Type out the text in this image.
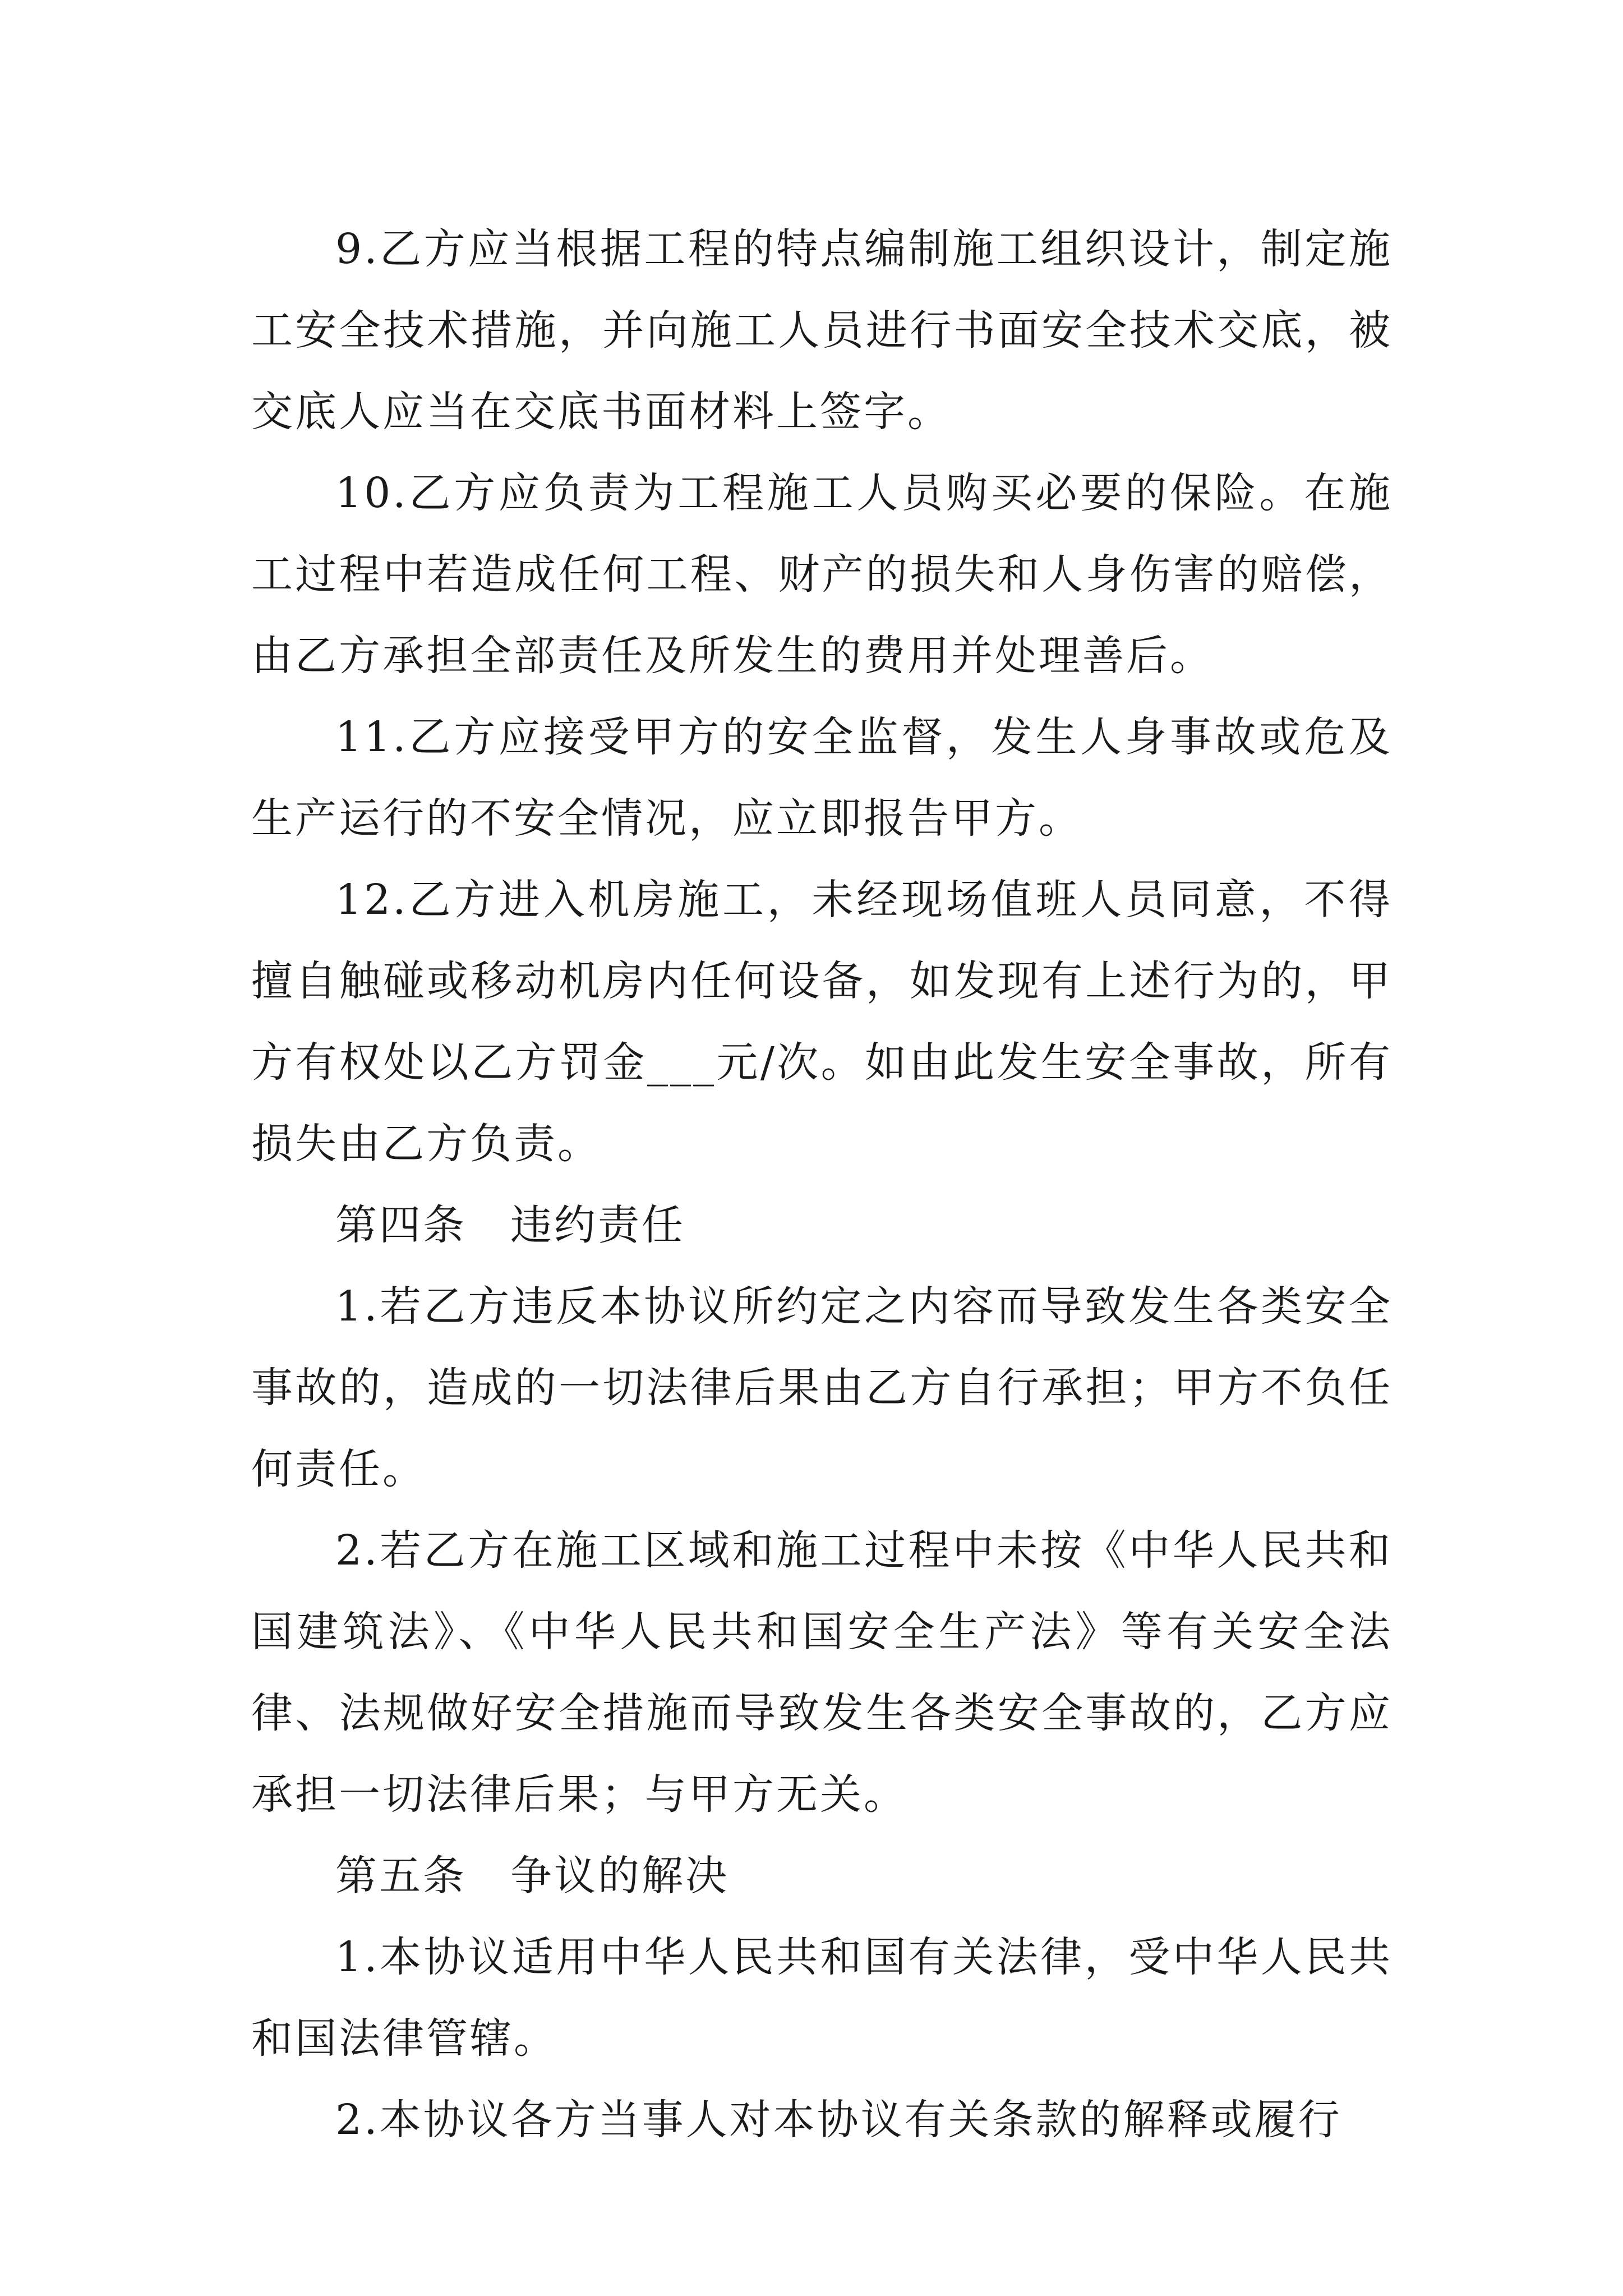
9.乙方应当根据工程的特点编制施工组织设计，制定施工安全技术措施，并向施工人员进行书面安全技术交底，被交底人应当在交底书面材料上签字。

10.乙方应负责为工程施工人员购买必要的保险。在施工过程中若造成任何工程、财产的损失和人身伤害的赔偿，由乙方承担全部责任及所发生的费用并处理善后。

11.乙方应接受甲方的安全监督，发生人身事故或危及生产运行的不安全情况，应立即报告甲方。

12.乙方进入机房施工，未经现场值班人员同意，不得擅自触碰或移动机房内任何设备，如发现有上述行为的，甲方有权处以乙方罚金___元/次。如由此发生安全事故，所有损失由乙方负责。

第四条　违约责任

1.若乙方违反本协议所约定之内容而导致发生各类安全事故的，造成的一切法律后果由乙方自行承担；甲方不负任何责任。

2.若乙方在施工区域和施工过程中未按《中华人民共和国建筑法》、《中华人民共和国安全生产法》等有关安全法律、法规做好安全措施而导致发生各类安全事故的，乙方应承担一切法律后果；与甲方无关。

第五条　争议的解决

1.本协议适用中华人民共和国有关法律，受中华人民共和国法律管辖。

2.本协议各方当事人对本协议有关条款的解释或履行
